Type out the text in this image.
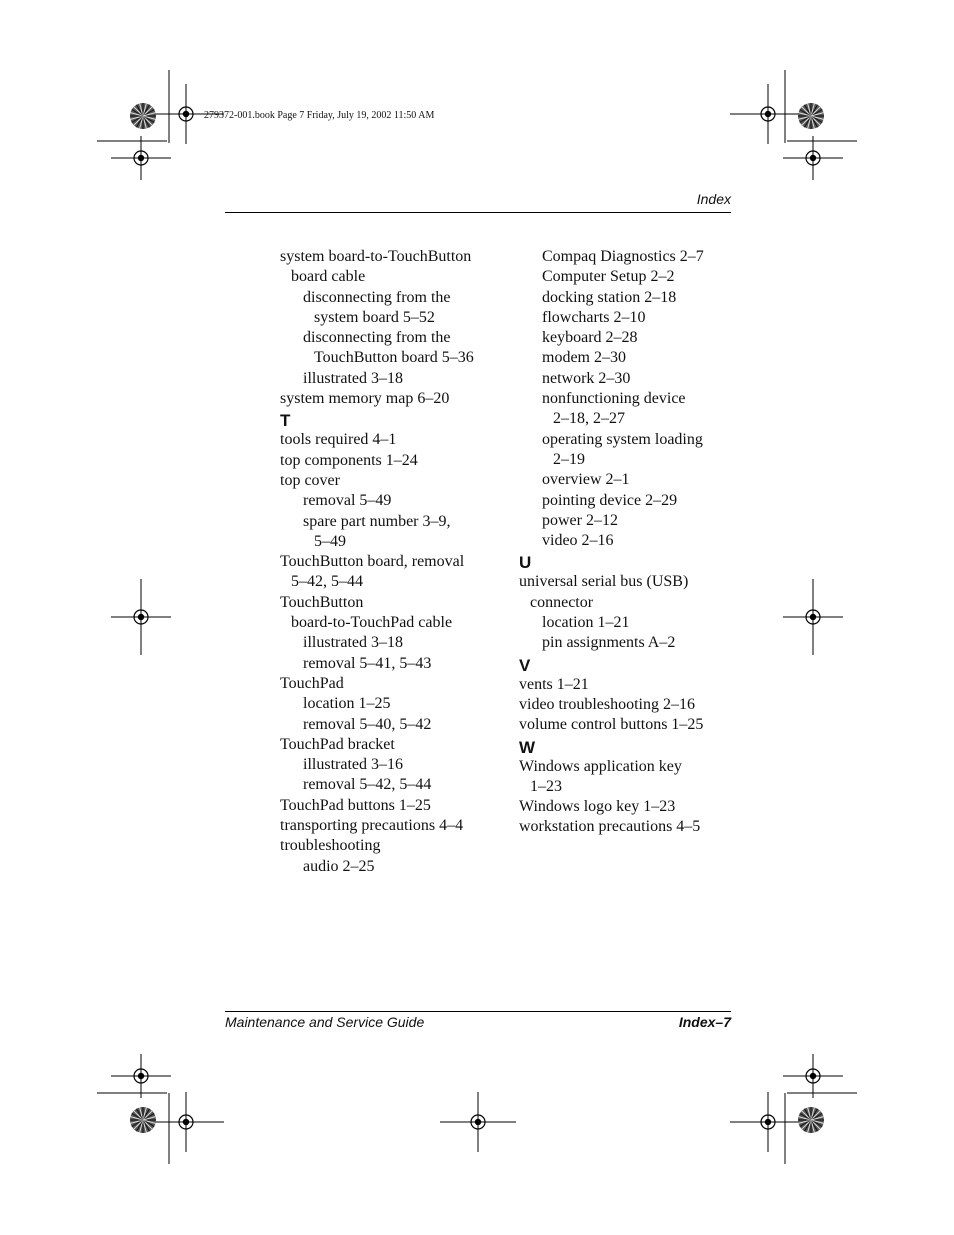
279372-001.book Page 7 Friday, July 19, 2002 11:50 AM
Index
system board-to-TouchButton
board cable
disconnecting from the
system board 5–52
disconnecting from the
TouchButton board 5–36
illustrated 3–18
system memory map 6–20
T
tools required 4–1
top components 1–24
top cover
removal 5–49
spare part number 3–9,
5–49
TouchButton board, removal
5–42, 5–44
TouchButton
board-to-TouchPad cable
illustrated 3–18
removal 5–41, 5–43
TouchPad
location 1–25
removal 5–40, 5–42
TouchPad bracket
illustrated 3–16
removal 5–42, 5–44
TouchPad buttons 1–25
transporting precautions 4–4
troubleshooting
audio 2–25
Compaq Diagnostics 2–7
Computer Setup 2–2
docking station 2–18
flowcharts 2–10
keyboard 2–28
modem 2–30
network 2–30
nonfunctioning device
2–18, 2–27
operating system loading
2–19
overview 2–1
pointing device 2–29
power 2–12
video 2–16
U
universal serial bus (USB)
connector
location 1–21
pin assignments A–2
V
vents 1–21
video troubleshooting 2–16
volume control buttons 1–25
W
Windows application key
1–23
Windows logo key 1–23
workstation precautions 4–5
Maintenance and Service Guide	Index–7
